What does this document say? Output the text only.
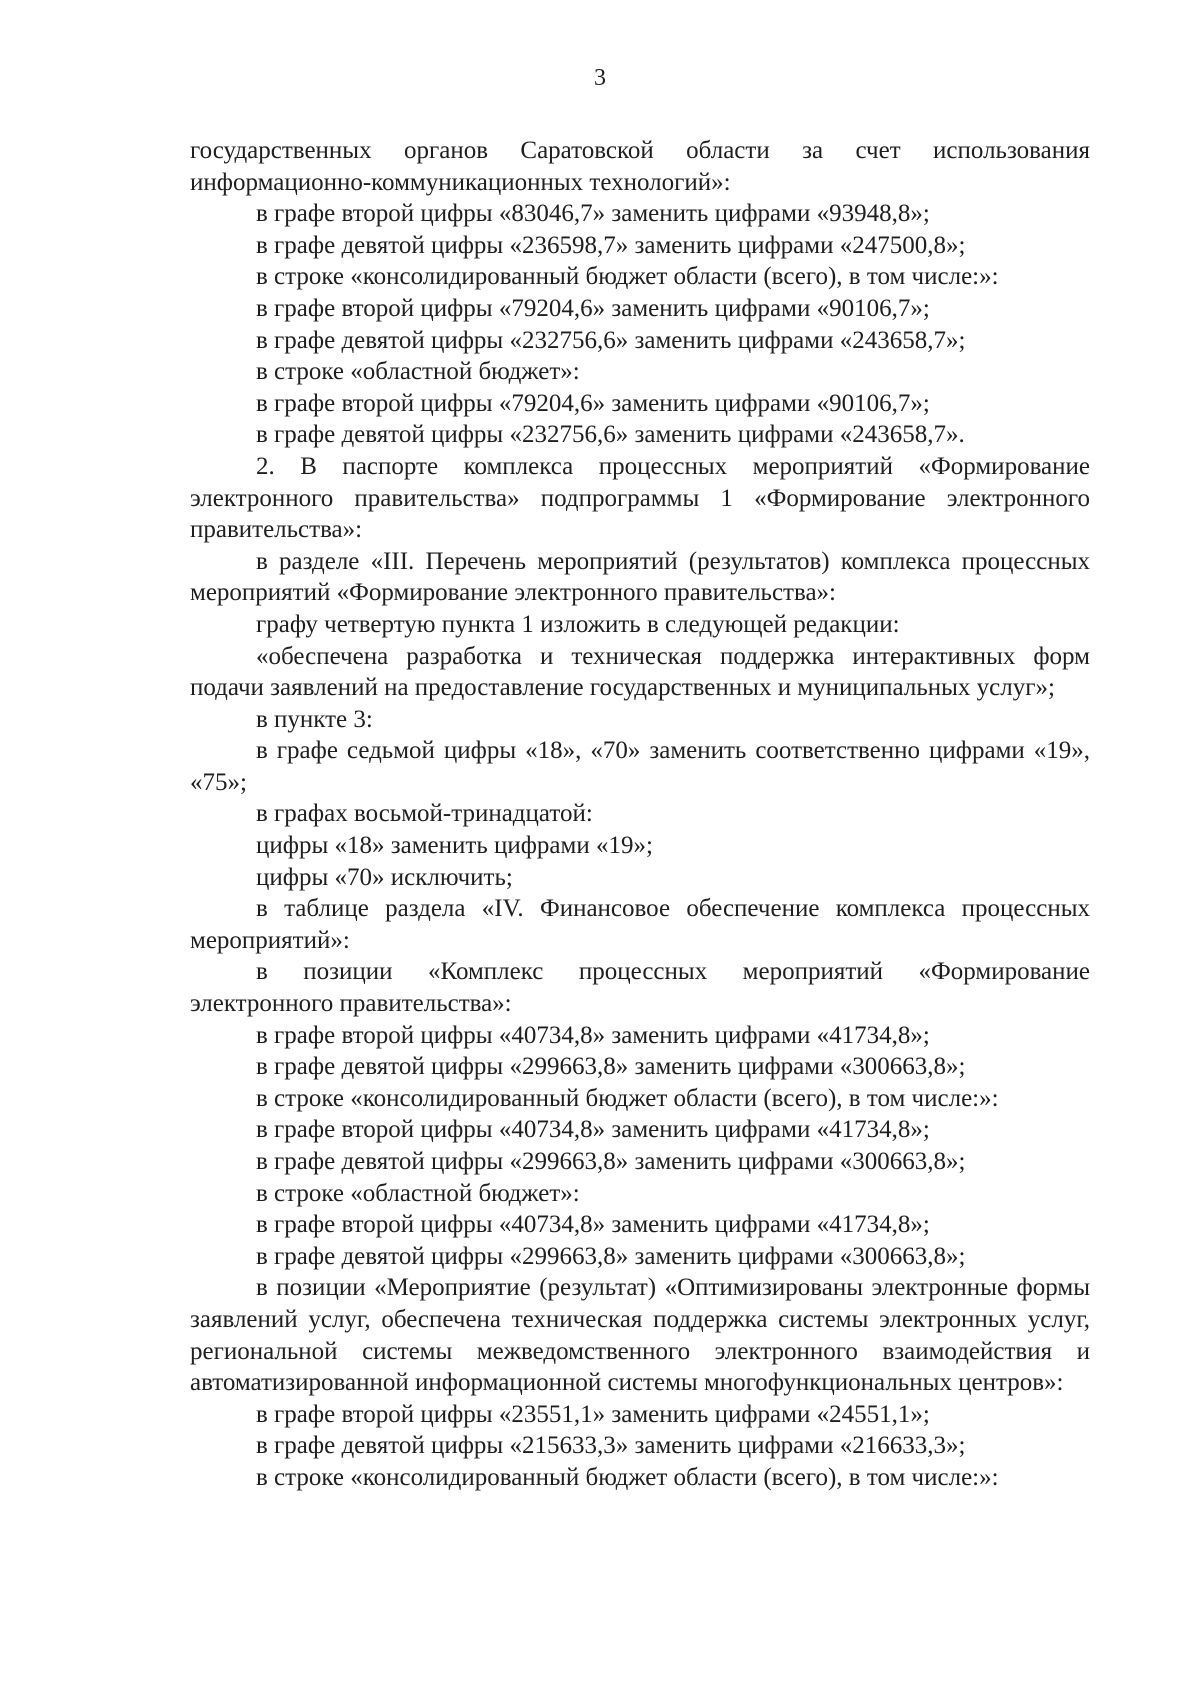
3

государственных органов Саратовской области за счет использования информационно-коммуникационных технологий»:

в графе второй цифры «83046,7» заменить цифрами «93948,8»;

в графе девятой цифры «236598,7» заменить цифрами «247500,8»;

в строке «консолидированный бюджет области (всего), в том числе:»:

в графе второй цифры «79204,6» заменить цифрами «90106,7»;

в графе девятой цифры «232756,6» заменить цифрами «243658,7»;

в строке «областной бюджет»:

в графе второй цифры «79204,6» заменить цифрами «90106,7»;

в графе девятой цифры «232756,6» заменить цифрами «243658,7».

2. В паспорте комплекса процессных мероприятий «Формирование электронного правительства» подпрограммы 1 «Формирование электронного правительства»:

в разделе «III. Перечень мероприятий (результатов) комплекса процессных мероприятий «Формирование электронного правительства»:

графу четвертую пункта 1 изложить в следующей редакции:

«обеспечена разработка и техническая поддержка интерактивных форм подачи заявлений на предоставление государственных и муниципальных услуг»;

в пункте 3:

в графе седьмой цифры «18», «70» заменить соответственно цифрами «19», «75»;

в графах восьмой-тринадцатой:

цифры «18» заменить цифрами «19»;

цифры «70» исключить;

в таблице раздела «IV. Финансовое обеспечение комплекса процессных мероприятий»:

в позиции «Комплекс процессных мероприятий «Формирование электронного правительства»:

в графе второй цифры «40734,8» заменить цифрами «41734,8»;

в графе девятой цифры «299663,8» заменить цифрами «300663,8»;

в строке «консолидированный бюджет области (всего), в том числе:»:

в графе второй цифры «40734,8» заменить цифрами «41734,8»;

в графе девятой цифры «299663,8» заменить цифрами «300663,8»;

в строке «областной бюджет»:

в графе второй цифры «40734,8» заменить цифрами «41734,8»;

в графе девятой цифры «299663,8» заменить цифрами «300663,8»;

в позиции «Мероприятие (результат) «Оптимизированы электронные формы заявлений услуг, обеспечена техническая поддержка системы электронных услуг, региональной системы межведомственного электронного взаимодействия и автоматизированной информационной системы многофункциональных центров»:

в графе второй цифры «23551,1» заменить цифрами «24551,1»;

в графе девятой цифры «215633,3» заменить цифрами «216633,3»;

в строке «консолидированный бюджет области (всего), в том числе:»:
